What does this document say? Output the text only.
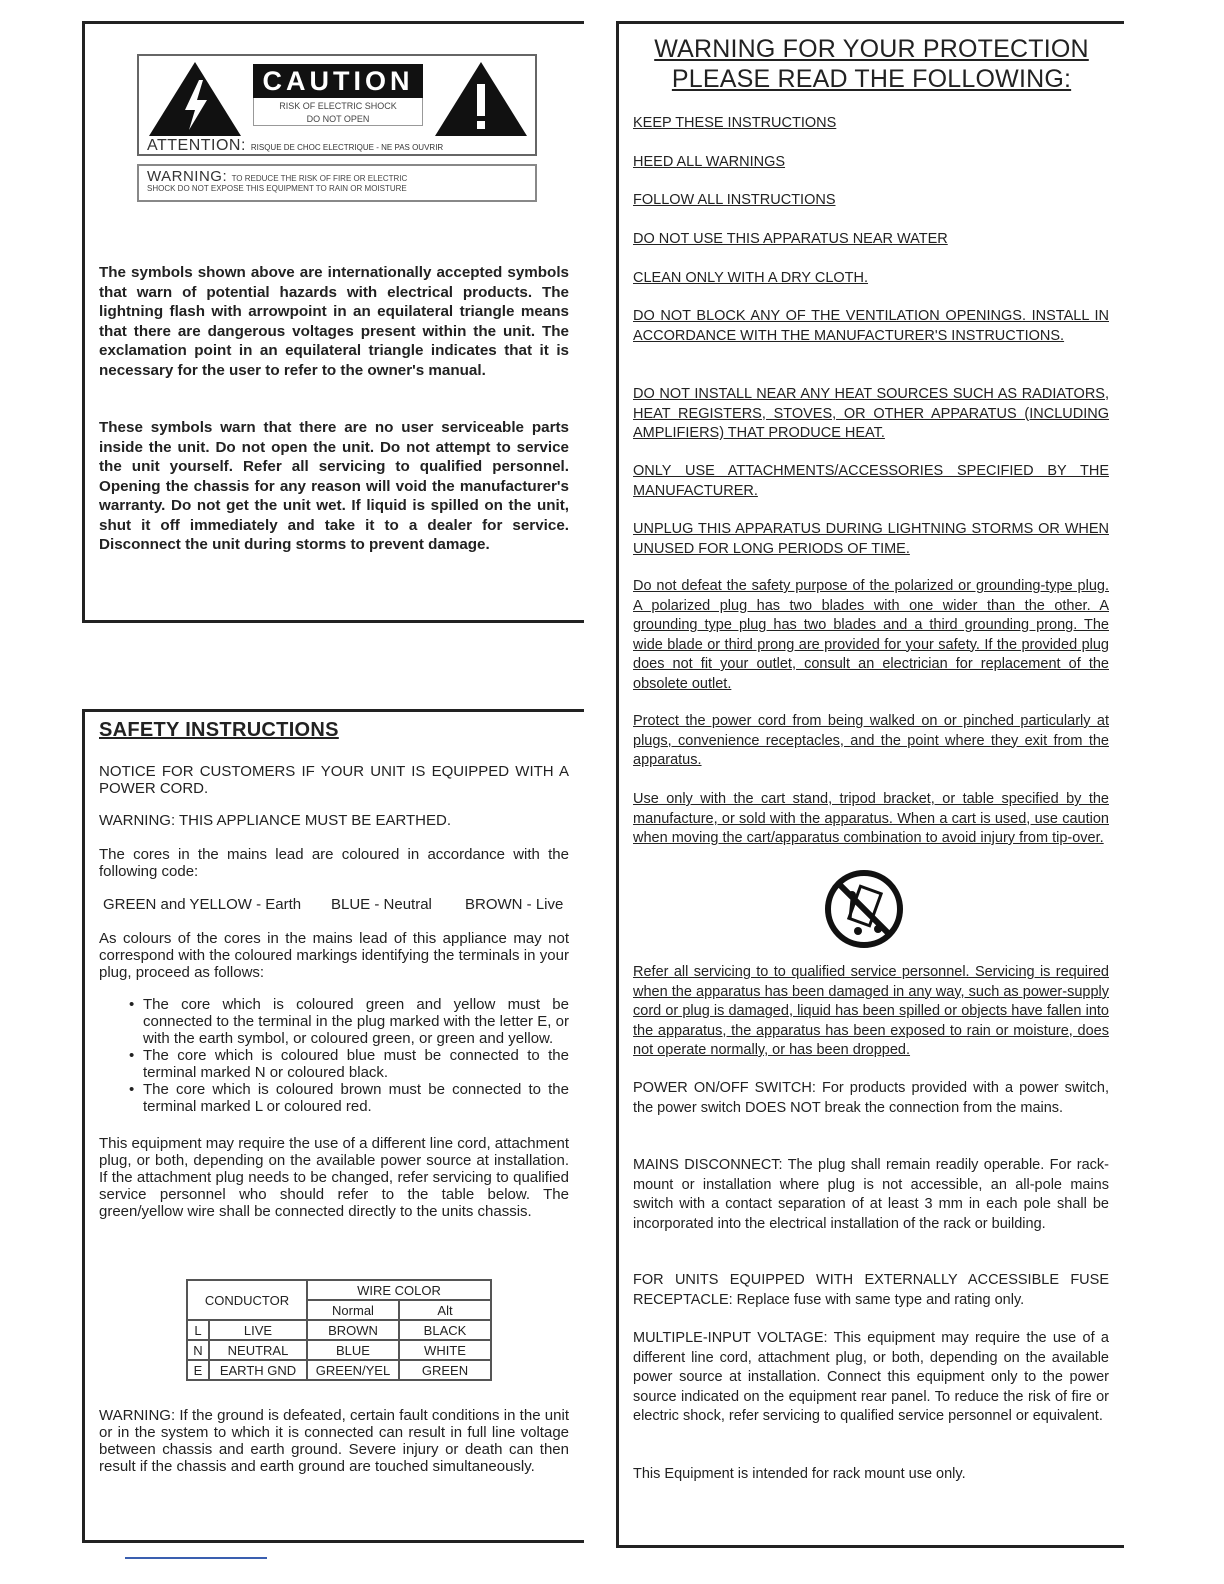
CAUTION
RISK OF ELECTRIC SHOCK
DO NOT OPEN
ATTENTION: RISQUE DE CHOC ELECTRIQUE - NE PAS OUVRIR
WARNING: TO REDUCE THE RISK OF FIRE OR ELECTRIC
SHOCK DO NOT EXPOSE THIS EQUIPMENT TO RAIN OR MOISTURE

The symbols shown above are internationally accepted symbols that warn of potential hazards with electrical products. The lightning flash with arrowpoint in an equilateral triangle means that there are dangerous voltages present within the unit. The exclamation point in an equilateral triangle indicates that it is necessary for the user to refer to the owner's manual.

These symbols warn that there are no user serviceable parts inside the unit. Do not open the unit. Do not attempt to service the unit yourself. Refer all servicing to qualified personnel. Opening the chassis for any reason will void the manufacturer's warranty. Do not get the unit wet. If liquid is spilled on the unit, shut it off immediately and take it to a dealer for service. Disconnect the unit during storms to prevent damage.

SAFETY INSTRUCTIONS

NOTICE FOR CUSTOMERS IF YOUR UNIT IS EQUIPPED WITH A POWER CORD.

WARNING: THIS APPLIANCE MUST BE EARTHED.

The cores in the mains lead are coloured in accordance with the following code:

GREEN and YELLOW - Earth BLUE - Neutral BROWN - Live

As colours of the cores in the mains lead of this appliance may not correspond with the coloured markings identifying the terminals in your plug, proceed as follows:

• The core which is coloured green and yellow must be connected to the terminal in the plug marked with the letter E, or with the earth symbol, or coloured green, or green and yellow.
• The core which is coloured blue must be connected to the terminal marked N or coloured black.
• The core which is coloured brown must be connected to the terminal marked L or coloured red.

This equipment may require the use of a different line cord, attachment plug, or both, depending on the available power source at installation. If the attachment plug needs to be changed, refer servicing to qualified service personnel who should refer to the table below. The green/yellow wire shall be connected directly to the units chassis.

CONDUCTOR		WIRE COLOR	
		Normal	Alt
L	LIVE	BROWN	BLACK
N	NEUTRAL	BLUE	WHITE
E	EARTH GND	GREEN/YEL	GREEN

WARNING: If the ground is defeated, certain fault conditions in the unit or in the system to which it is connected can result in full line voltage between chassis and earth ground. Severe injury or death can then result if the chassis and earth ground are touched simultaneously.

WARNING FOR YOUR PROTECTION
PLEASE READ THE FOLLOWING:

KEEP THESE INSTRUCTIONS

HEED ALL WARNINGS

FOLLOW ALL INSTRUCTIONS

DO NOT USE THIS APPARATUS NEAR WATER

CLEAN ONLY WITH A DRY CLOTH.

DO NOT BLOCK ANY OF THE VENTILATION OPENINGS. INSTALL IN ACCORDANCE WITH THE MANUFACTURER'S INSTRUCTIONS.

DO NOT INSTALL NEAR ANY HEAT SOURCES SUCH AS RADIATORS, HEAT REGISTERS, STOVES, OR OTHER APPARATUS (INCLUDING AMPLIFIERS) THAT PRODUCE HEAT.

ONLY USE ATTACHMENTS/ACCESSORIES SPECIFIED BY THE MANUFACTURER.

UNPLUG THIS APPARATUS DURING LIGHTNING STORMS OR WHEN UNUSED FOR LONG PERIODS OF TIME.

Do not defeat the safety purpose of the polarized or grounding-type plug. A polarized plug has two blades with one wider than the other. A grounding type plug has two blades and a third grounding prong. The wide blade or third prong are provided for your safety. If the provided plug does not fit your outlet, consult an electrician for replacement of the obsolete outlet.

Protect the power cord from being walked on or pinched particularly at plugs, convenience receptacles, and the point where they exit from the apparatus.

Use only with the cart stand, tripod bracket, or table specified by the manufacture, or sold with the apparatus. When a cart is used, use caution when moving the cart/apparatus combination to avoid injury from tip-over.

Refer all servicing to to qualified service personnel. Servicing is required when the apparatus has been damaged in any way, such as power-supply cord or plug is damaged, liquid has been spilled or objects have fallen into the apparatus, the apparatus has been exposed to rain or moisture, does not operate normally, or has been dropped.

POWER ON/OFF SWITCH: For products provided with a power switch, the power switch DOES NOT break the connection from the mains.

MAINS DISCONNECT: The plug shall remain readily operable. For rack-mount or installation where plug is not accessible, an all-pole mains switch with a contact separation of at least 3 mm in each pole shall be incorporated into the electrical installation of the rack or building.

FOR UNITS EQUIPPED WITH EXTERNALLY ACCESSIBLE FUSE RECEPTACLE: Replace fuse with same type and rating only.

MULTIPLE-INPUT VOLTAGE: This equipment may require the use of a different line cord, attachment plug, or both, depending on the available power source at installation. Connect this equipment only to the power source indicated on the equipment rear panel. To reduce the risk of fire or electric shock, refer servicing to qualified service personnel or equivalent.

This Equipment is intended for rack mount use only.
